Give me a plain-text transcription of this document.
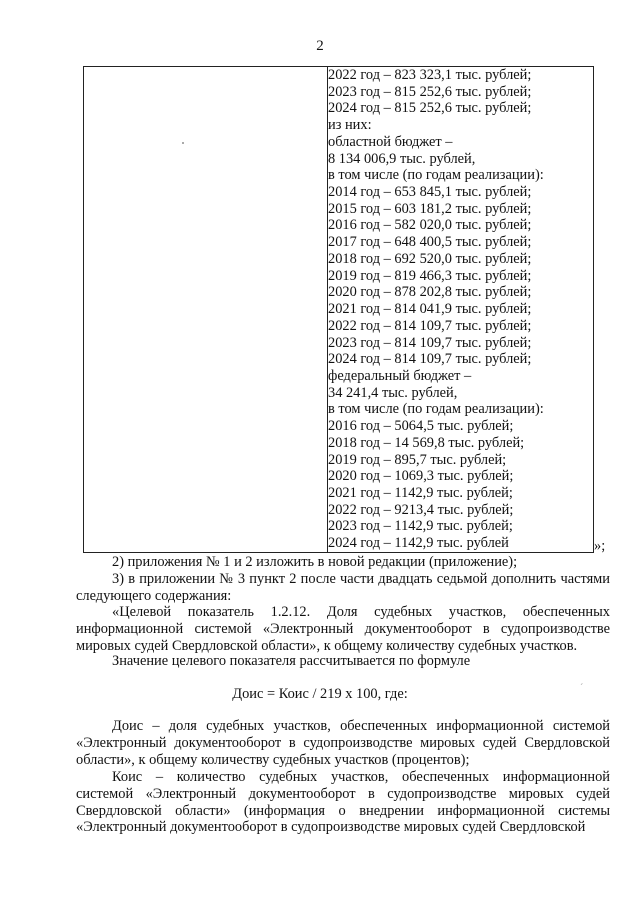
2

2022 год – 823 323,1 тыс. рублей;
2023 год – 815 252,6 тыс. рублей;
2024 год – 815 252,6 тыс. рублей;
из них:
областной бюджет –
8 134 006,9 тыс. рублей,
в том числе (по годам реализации):
2014 год – 653 845,1 тыс. рублей;
2015 год – 603 181,2 тыс. рублей;
2016 год – 582 020,0 тыс. рублей;
2017 год – 648 400,5 тыс. рублей;
2018 год – 692 520,0 тыс. рублей;
2019 год – 819 466,3 тыс. рублей;
2020 год – 878 202,8 тыс. рублей;
2021 год – 814 041,9 тыс. рублей;
2022 год – 814 109,7 тыс. рублей;
2023 год – 814 109,7 тыс. рублей;
2024 год – 814 109,7 тыс. рублей;
федеральный бюджет –
34 241,4 тыс. рублей,
в том числе (по годам реализации):
2016 год – 5064,5 тыс. рублей;
2018 год – 14 569,8 тыс. рублей;
2019 год – 895,7 тыс. рублей;
2020 год – 1069,3 тыс. рублей;
2021 год – 1142,9 тыс. рублей;
2022 год – 9213,4 тыс. рублей;
2023 год – 1142,9 тыс. рублей;
2024 год – 1142,9 тыс. рублей	»;
2) приложения № 1 и 2 изложить в новой редакции (приложение);
3) в приложении № 3 пункт 2 после части двадцать седьмой дополнить частями следующего содержания:
«Целевой показатель 1.2.12. Доля судебных участков, обеспеченных информационной системой «Электронный документооборот в судопроизводстве мировых судей Свердловской области», к общему количеству судебных участков.
Значение целевого показателя рассчитывается по формуле
Доис = Коис / 219 х 100, где:	ˊ
Доис – доля судебных участков, обеспеченных информационной системой «Электронный документооборот в судопроизводстве мировых судей Свердловской области», к общему количеству судебных участков (процентов);
Коис – количество судебных участков, обеспеченных информационной системой «Электронный документооборот в судопроизводстве мировых судей Свердловской области» (информация о внедрении информационной системы «Электронный документооборот в судопроизводстве мировых судей Свердловской
